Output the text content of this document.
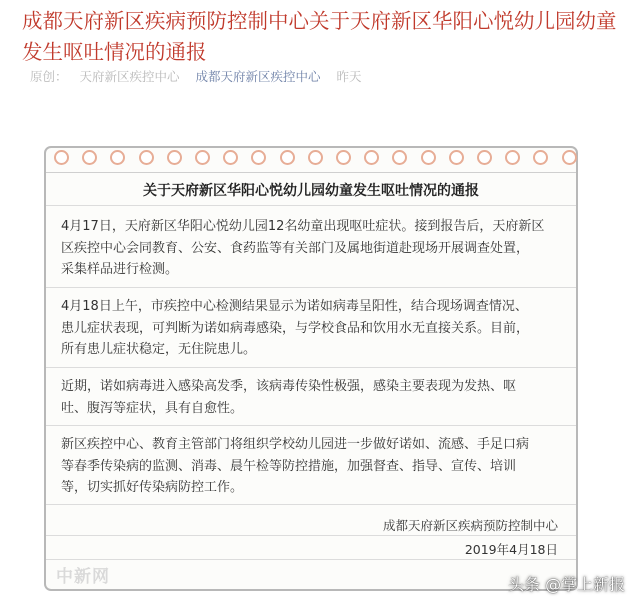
成都天府新区疾病预防控制中心关于天府新区华阳心悦幼儿园幼童发生呕吐情况的通报
原创： 天府新区疾控中心 成都天府新区疾控中心 昨天
关于天府新区华阳心悦幼儿园幼童发生呕吐情况的通报

4月17日，天府新区华阳心悦幼儿园12名幼童出现呕吐症状。接到报告后，天府新区
区疾控中心会同教育、公安、食药监等有关部门及属地街道赴现场开展调查处置，
采集样品进行检测。

4月18日上午，市疾控中心检测结果显示为诺如病毒呈阳性，结合现场调查情况、
患儿症状表现，可判断为诺如病毒感染，与学校食品和饮用水无直接关系。目前，
所有患儿症状稳定，无住院患儿。

近期，诺如病毒进入感染高发季，该病毒传染性极强，感染主要表现为发热、呕
吐、腹泻等症状，具有自愈性。

新区疾控中心、教育主管部门将组织学校幼儿园进一步做好诺如、流感、手足口病
等春季传染病的监测、消毒、晨午检等防控措施，加强督查、指导、宣传、培训
等，切实抓好传染病防控工作。

成都天府新区疾病预防控制中心
2019年4月18日
中新网	头条 @掌上新报
